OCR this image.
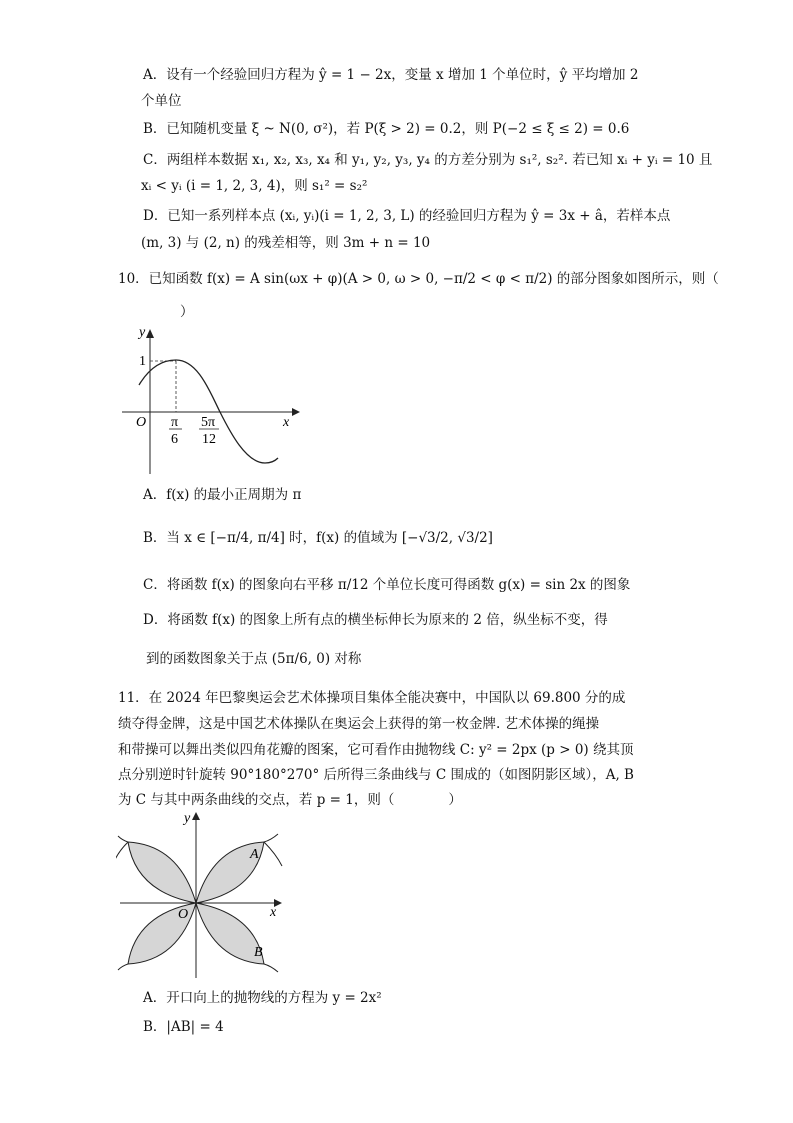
A．设有一个经验回归方程为 ŷ = 1 − 2x，变量 x 增加 1 个单位时，ŷ 平均增加 2
个单位
B．已知随机变量 ξ ~ N(0, σ²)，若 P(ξ > 2) = 0.2，则 P(−2 ≤ ξ ≤ 2) = 0.6
C．两组样本数据 x₁, x₂, x₃, x₄ 和 y₁, y₂, y₃, y₄ 的方差分别为 s₁², s₂². 若已知 xᵢ + yᵢ = 10 且
xᵢ < yᵢ (i = 1, 2, 3, 4)，则 s₁² = s₂²
D．已知一系列样本点 (xᵢ, yᵢ)(i = 1, 2, 3, L) 的经验回归方程为 ŷ = 3x + â，若样本点
(m, 3) 与 (2, n) 的残差相等，则 3m + n = 10
10．已知函数 f(x) = A sin(ωx + φ)(A > 0, ω > 0, −π/2 < φ < π/2) 的部分图象如图所示，则（
）
y
x
O
1
π
6
5π
12
A．f(x) 的最小正周期为 π
B．当 x ∈ [−π/4, π/4] 时，f(x) 的值域为 [−√3/2, √3/2]
C．将函数 f(x) 的图象向右平移 π/12 个单位长度可得函数 g(x) = sin 2x 的图象
D．将函数 f(x) 的图象上所有点的横坐标伸长为原来的 2 倍，纵坐标不变，得
到的函数图象关于点 (5π/6, 0) 对称
11．在 2024 年巴黎奥运会艺术体操项目集体全能决赛中，中国队以 69.800 分的成
绩夺得金牌，这是中国艺术体操队在奥运会上获得的第一枚金牌. 艺术体操的绳操
和带操可以舞出类似四角花瓣的图案，它可看作由抛物线 C: y² = 2px (p > 0) 绕其顶
点分别逆时针旋转 90°180°270° 后所得三条曲线与 C 围成的（如图阴影区域），A, B
为 C 与其中两条曲线的交点，若 p = 1，则（　　　　）
y
x
O
A
B
A．开口向上的抛物线的方程为 y = 2x²
B．|AB| = 4
